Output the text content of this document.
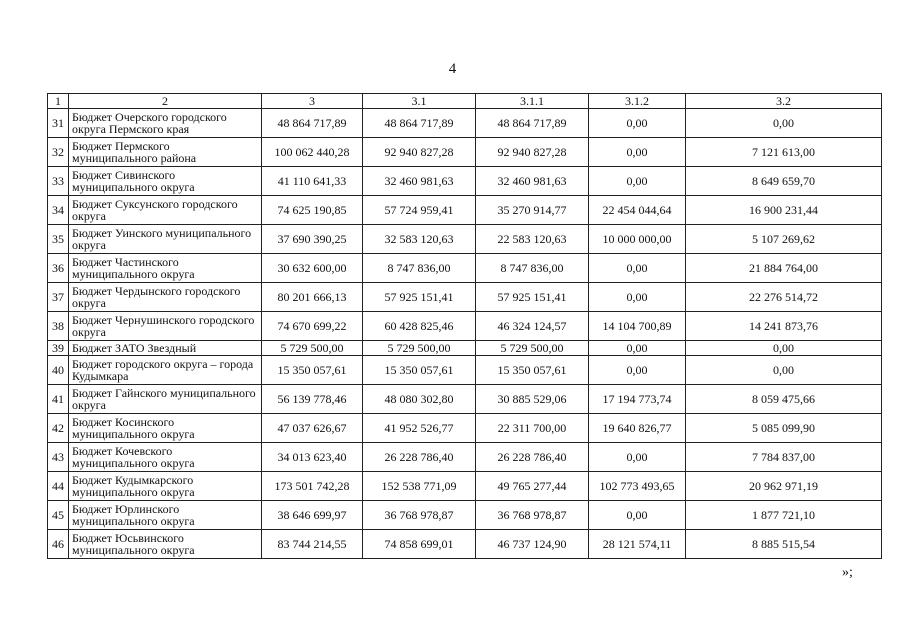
4
1	2	3	3.1	3.1.1	3.1.2	3.2
31	Бюджет Очерского городского округа Пермского края	48 864 717,89	48 864 717,89	48 864 717,89	0,00	0,00
32	Бюджет Пермского муниципального района	100 062 440,28	92 940 827,28	92 940 827,28	0,00	7 121 613,00
33	Бюджет Сивинского муниципального округа	41 110 641,33	32 460 981,63	32 460 981,63	0,00	8 649 659,70
34	Бюджет Суксунского городского округа	74 625 190,85	57 724 959,41	35 270 914,77	22 454 044,64	16 900 231,44
35	Бюджет Уинского муниципального округа	37 690 390,25	32 583 120,63	22 583 120,63	10 000 000,00	5 107 269,62
36	Бюджет Частинского муниципального округа	30 632 600,00	8 747 836,00	8 747 836,00	0,00	21 884 764,00
37	Бюджет Чердынского городского округа	80 201 666,13	57 925 151,41	57 925 151,41	0,00	22 276 514,72
38	Бюджет Чернушинского городского округа	74 670 699,22	60 428 825,46	46 324 124,57	14 104 700,89	14 241 873,76
39	Бюджет ЗАТО Звездный	5 729 500,00	5 729 500,00	5 729 500,00	0,00	0,00
40	Бюджет городского округа – города Кудымкара	15 350 057,61	15 350 057,61	15 350 057,61	0,00	0,00
41	Бюджет Гайнского муниципального округа	56 139 778,46	48 080 302,80	30 885 529,06	17 194 773,74	8 059 475,66
42	Бюджет Косинского муниципального округа	47 037 626,67	41 952 526,77	22 311 700,00	19 640 826,77	5 085 099,90
43	Бюджет Кочевского муниципального округа	34 013 623,40	26 228 786,40	26 228 786,40	0,00	7 784 837,00
44	Бюджет Кудымкарского муниципального округа	173 501 742,28	152 538 771,09	49 765 277,44	102 773 493,65	20 962 971,19
45	Бюджет Юрлинского муниципального округа	38 646 699,97	36 768 978,87	36 768 978,87	0,00	1 877 721,10
46	Бюджет Юсьвинского муниципального округа	83 744 214,55	74 858 699,01	46 737 124,90	28 121 574,11	8 885 515,54
»;
